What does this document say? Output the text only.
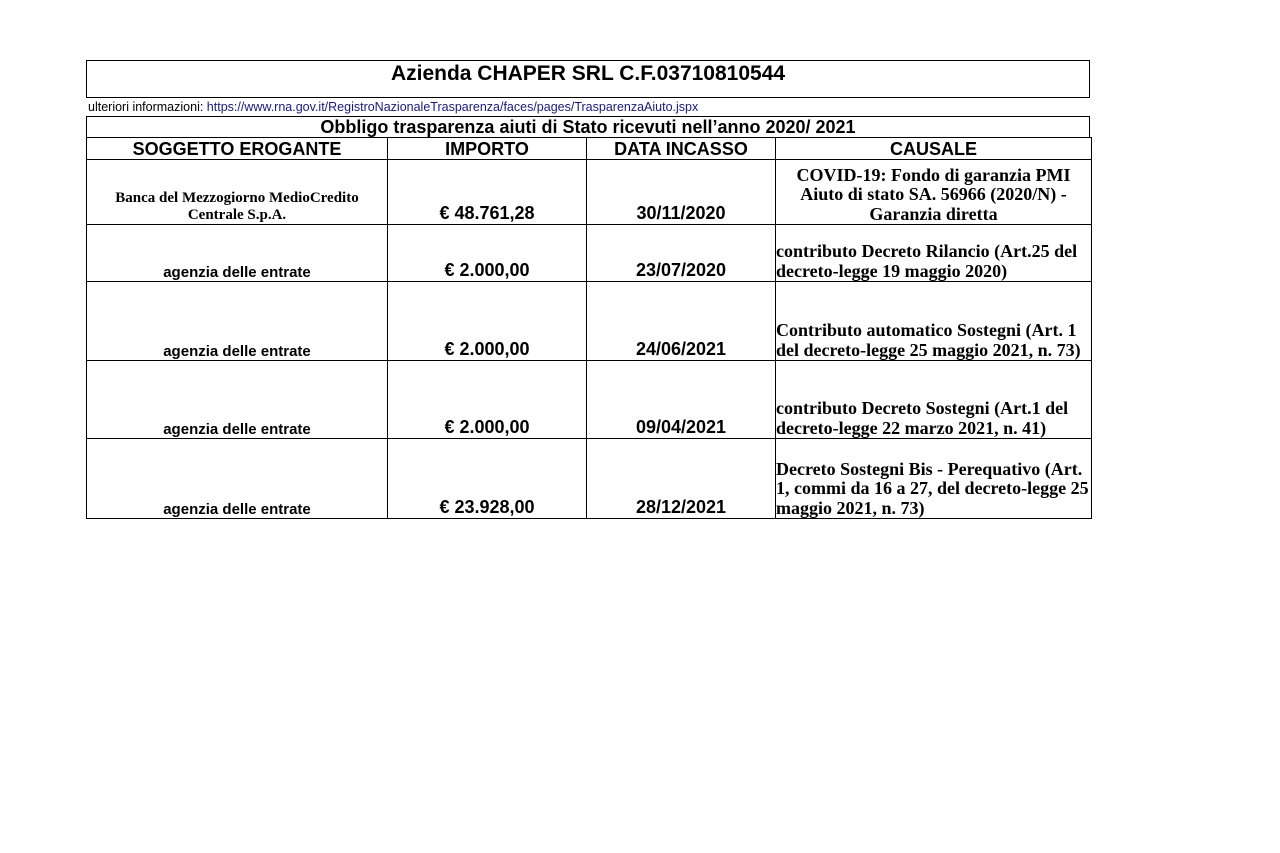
Azienda CHAPER SRL C.F.03710810544
ulteriori informazioni: https://www.rna.gov.it/RegistroNazionaleTrasparenza/faces/pages/TrasparenzaAiuto.jspx
Obbligo trasparenza aiuti di Stato ricevuti nell’anno 2020/ 2021
SOGGETTO EROGANTE	IMPORTO	DATA INCASSO	CAUSALE
Banca del Mezzogiorno MedioCredito Centrale S.p.A.	€ 48.761,28	30/11/2020	COVID-19: Fondo di garanzia PMI Aiuto di stato SA. 56966 (2020/N) - Garanzia diretta
agenzia delle entrate	€ 2.000,00	23/07/2020	contributo Decreto Rilancio (Art.25 del decreto-legge 19 maggio 2020)
agenzia delle entrate	€ 2.000,00	24/06/2021	Contributo automatico Sostegni (Art. 1 del decreto-legge 25 maggio 2021, n. 73)
agenzia delle entrate	€ 2.000,00	09/04/2021	contributo Decreto Sostegni (Art.1 del decreto-legge 22 marzo 2021, n. 41)
agenzia delle entrate	€ 23.928,00	28/12/2021	Decreto Sostegni Bis - Perequativo (Art. 1, commi da 16 a 27, del decreto-legge 25 maggio 2021, n. 73)
